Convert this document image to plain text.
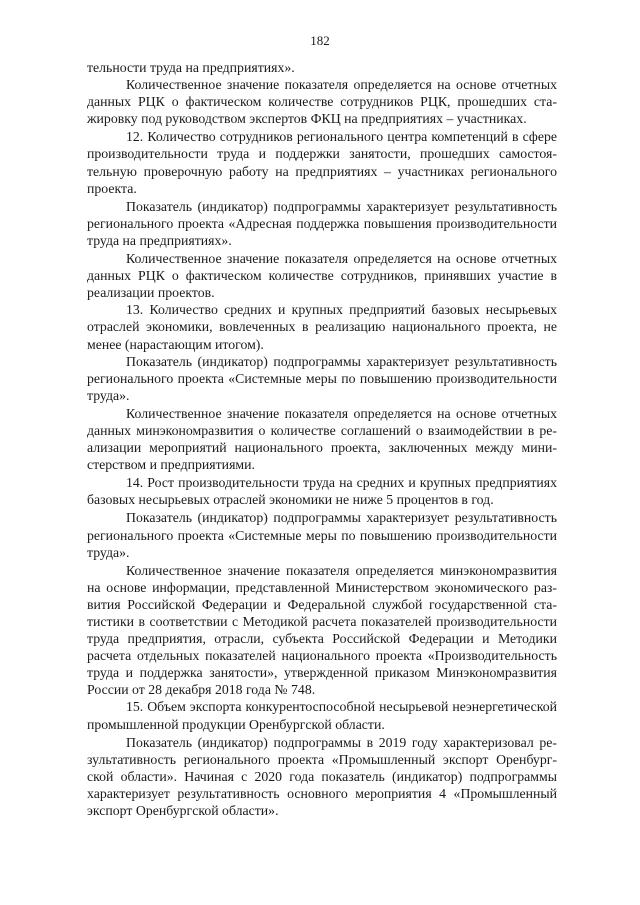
182

тельности труда на предприятиях».

Количественное значение показателя определяется на основе отчетных данных РЦК о фактическом количестве сотрудников РЦК, прошедших стажировку под руководством экспертов ФКЦ на предприятиях – участниках.

12. Количество сотрудников регионального центра компетенций в сфере производительности труда и поддержки занятости, прошедших самостоятельную проверочную работу на предприятиях – участниках регионального проекта.

Показатель (индикатор) подпрограммы характеризует результативность регионального проекта «Адресная поддержка повышения производительности труда на предприятиях».

Количественное значение показателя определяется на основе отчетных данных РЦК о фактическом количестве сотрудников, принявших участие в реализации проектов.

13. Количество средних и крупных предприятий базовых несырьевых отраслей экономики, вовлеченных в реализацию национального проекта, не менее (нарастающим итогом).

Показатель (индикатор) подпрограммы характеризует результативность регионального проекта «Системные меры по повышению производительности труда».

Количественное значение показателя определяется на основе отчетных данных минэкономразвития о количестве соглашений о взаимодействии в реализации мероприятий национального проекта, заключенных между министерством и предприятиями.

14. Рост производительности труда на средних и крупных предприятиях базовых несырьевых отраслей экономики не ниже 5 процентов в год.

Показатель (индикатор) подпрограммы характеризует результативность регионального проекта «Системные меры по повышению производительности труда».

Количественное значение показателя определяется минэкономразвития на основе информации, представленной Министерством экономического развития Российской Федерации и Федеральной службой государственной статистики в соответствии с Методикой расчета показателей производительности труда предприятия, отрасли, субъекта Российской Федерации и Методики расчета отдельных показателей национального проекта «Производительность труда и поддержка занятости», утвержденной приказом Минэкономразвития России от 28 декабря 2018 года № 748.

15. Объем экспорта конкурентоспособной несырьевой неэнергетической промышленной продукции Оренбургской области.

Показатель (индикатор) подпрограммы в 2019 году характеризовал результативность регионального проекта «Промышленный экспорт Оренбургской области». Начиная с 2020 года показатель (индикатор) подпрограммы характеризует результативность основного мероприятия 4 «Промышленный экспорт Оренбургской области».
